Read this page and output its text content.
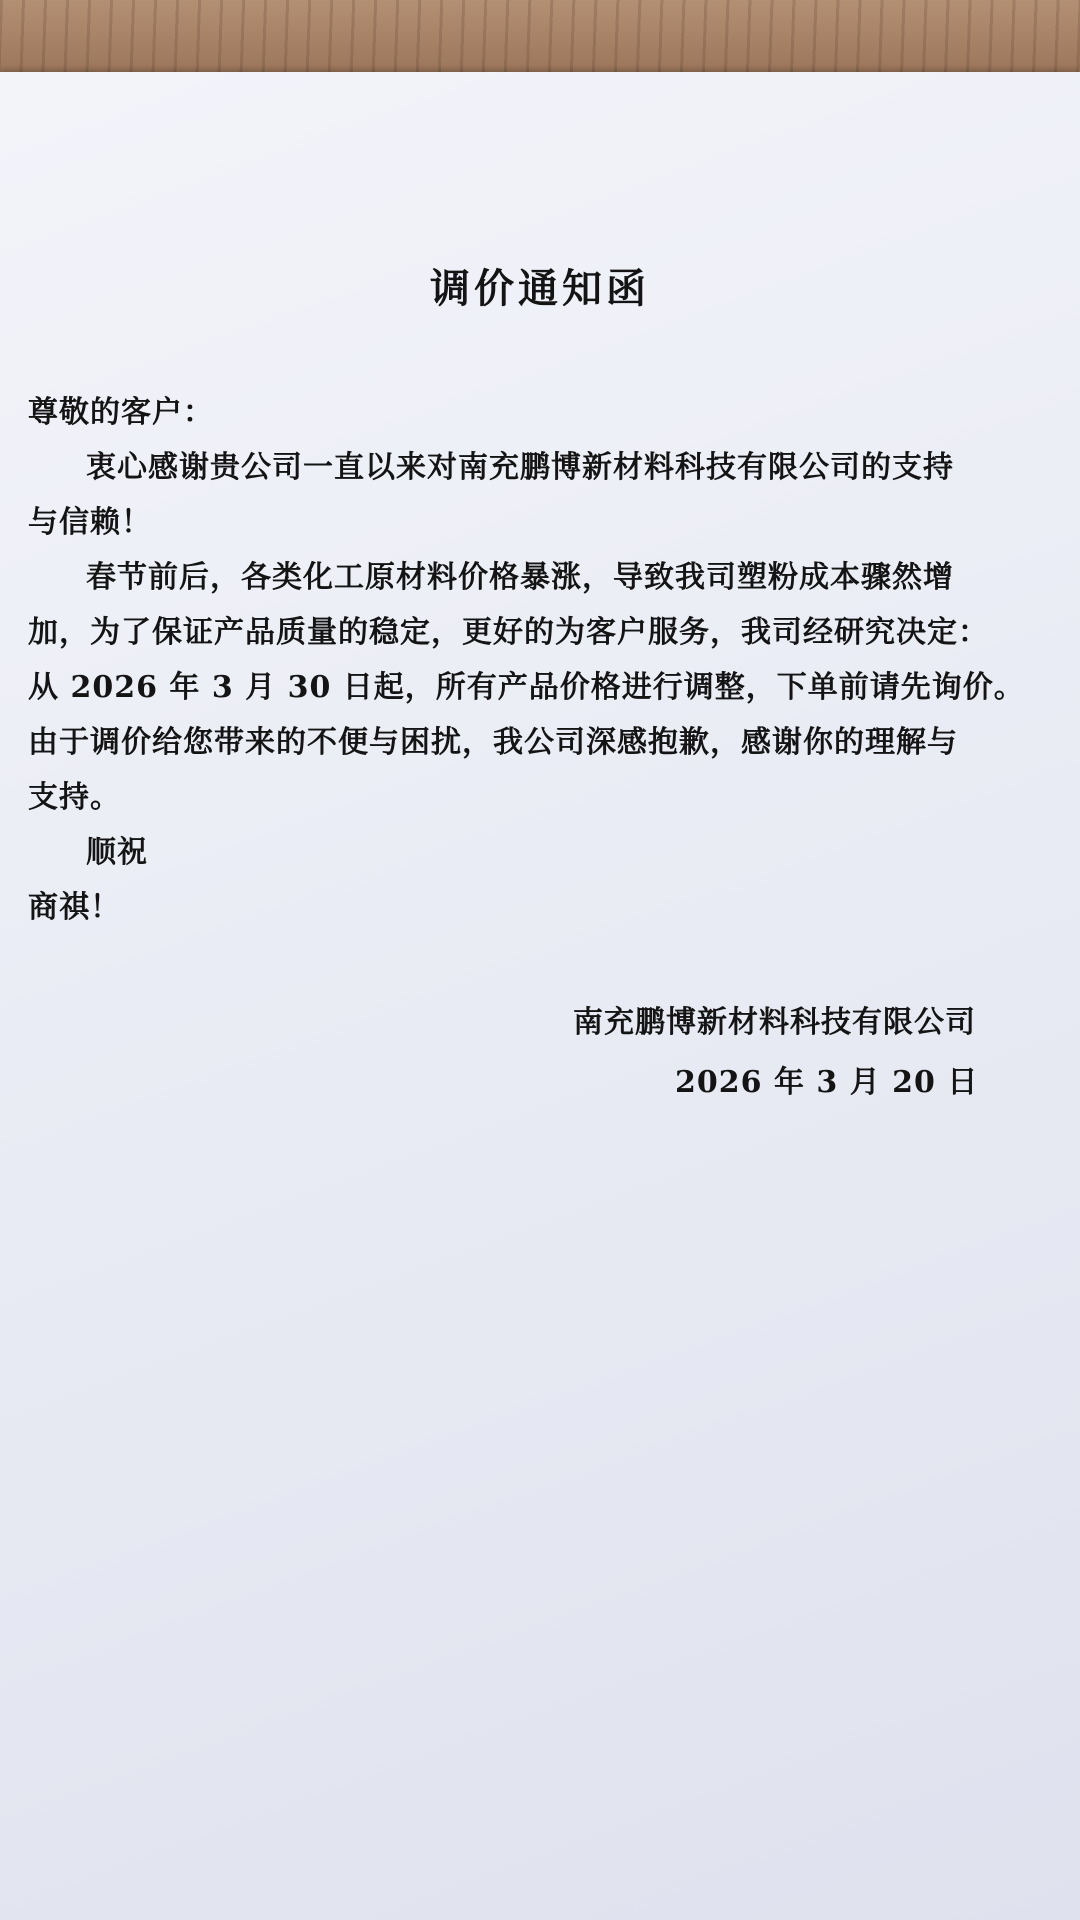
调价通知函
尊敬的客户：
衷心感谢贵公司一直以来对南充鹏博新材料科技有限公司的支持
与信赖！
春节前后，各类化工原材料价格暴涨，导致我司塑粉成本骤然增
加，为了保证产品质量的稳定，更好的为客户服务，我司经研究决定：
从 2026 年 3 月 30 日起，所有产品价格进行调整，下单前请先询价。
由于调价给您带来的不便与困扰，我公司深感抱歉，感谢你的理解与
支持。
顺祝
商祺！
南充鹏博新材料科技有限公司
2026 年 3 月 20 日
